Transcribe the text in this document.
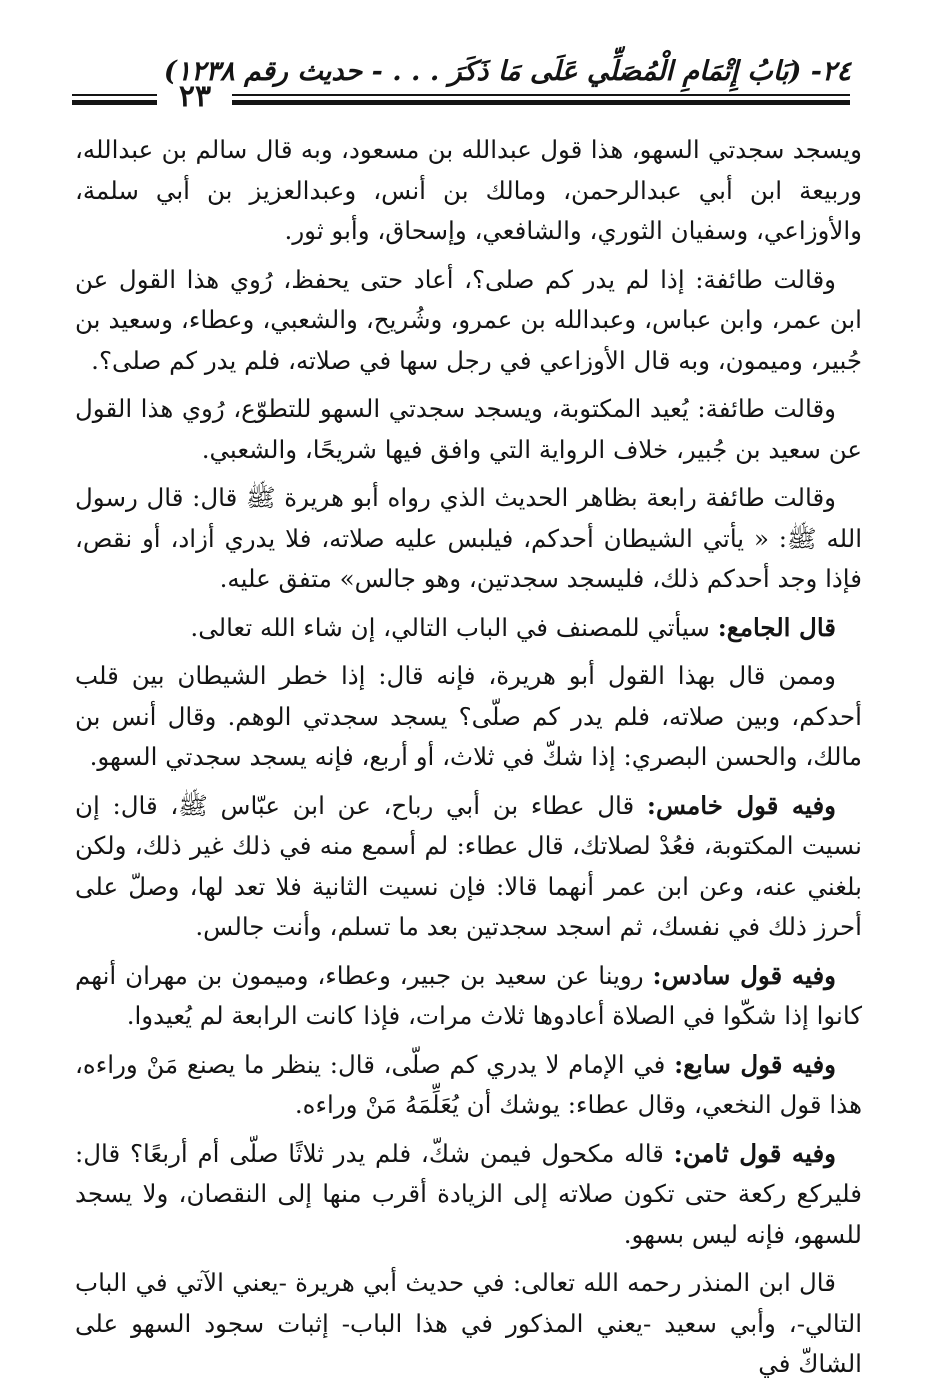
٢٤- (بَابُ إِتْمَامِ الْمُصَلِّي عَلَى مَا ذَكَرَ . . . - حديث رقم ١٢٣٨)
٢٣

ويسجد سجدتي السهو، هذا قول عبدالله بن مسعود، وبه قال سالم بن عبدالله، وربيعة ابن أبي عبدالرحمن، ومالك بن أنس، وعبدالعزيز بن أبي سلمة، والأوزاعي، وسفيان الثوري، والشافعي، وإسحاق، وأبو ثور.

وقالت طائفة: إذا لم يدر كم صلى؟، أعاد حتى يحفظ، رُوي هذا القول عن ابن عمر، وابن عباس، وعبدالله بن عمرو، وشُريح، والشعبي، وعطاء، وسعيد بن جُبير، وميمون، وبه قال الأوزاعي في رجل سها في صلاته، فلم يدر كم صلى؟.

وقالت طائفة: يُعيد المكتوبة، ويسجد سجدتي السهو للتطوّع، رُوي هذا القول عن سعيد بن جُبير، خلاف الرواية التي وافق فيها شريحًا، والشعبي.

وقالت طائفة رابعة بظاهر الحديث الذي رواه أبو هريرة ﷺ قال: قال رسول الله ﷺ: « يأتي الشيطان أحدكم، فيلبس عليه صلاته، فلا يدري أزاد، أو نقص، فإذا وجد أحدكم ذلك، فليسجد سجدتين، وهو جالس» متفق عليه.

قال الجامع: سيأتي للمصنف في الباب التالي، إن شاء الله تعالى.

وممن قال بهذا القول أبو هريرة، فإنه قال: إذا خطر الشيطان بين قلب أحدكم، وبين صلاته، فلم يدر كم صلّى؟ يسجد سجدتي الوهم. وقال أنس بن مالك، والحسن البصري: إذا شكّ في ثلاث، أو أربع، فإنه يسجد سجدتي السهو.

وفيه قول خامس: قال عطاء بن أبي رباح، عن ابن عبّاس ﷺ، قال: إن نسيت المكتوبة، فعُدْ لصلاتك، قال عطاء: لم أسمع منه في ذلك غير ذلك، ولكن بلغني عنه، وعن ابن عمر أنهما قالا: فإن نسيت الثانية فلا تعد لها، وصلّ على أحرز ذلك في نفسك، ثم اسجد سجدتين بعد ما تسلم، وأنت جالس.

وفيه قول سادس: روينا عن سعيد بن جبير، وعطاء، وميمون بن مهران أنهم كانوا إذا شكّوا في الصلاة أعادوها ثلاث مرات، فإذا كانت الرابعة لم يُعيدوا.

وفيه قول سابع: في الإمام لا يدري كم صلّى، قال: ينظر ما يصنع مَنْ وراءه، هذا قول النخعي، وقال عطاء: يوشك أن يُعَلِّمَهُ مَنْ وراءه.

وفيه قول ثامن: قاله مكحول فيمن شكّ، فلم يدر ثلاثًا صلّى أم أربعًا؟ قال: فليركع ركعة حتى تكون صلاته إلى الزيادة أقرب منها إلى النقصان، ولا يسجد للسهو، فإنه ليس بسهو.

قال ابن المنذر رحمه الله تعالى: في حديث أبي هريرة -يعني الآتي في الباب التالي-، وأبي سعيد -يعني المذكور في هذا الباب- إثبات سجود السهو على الشاكّ في
